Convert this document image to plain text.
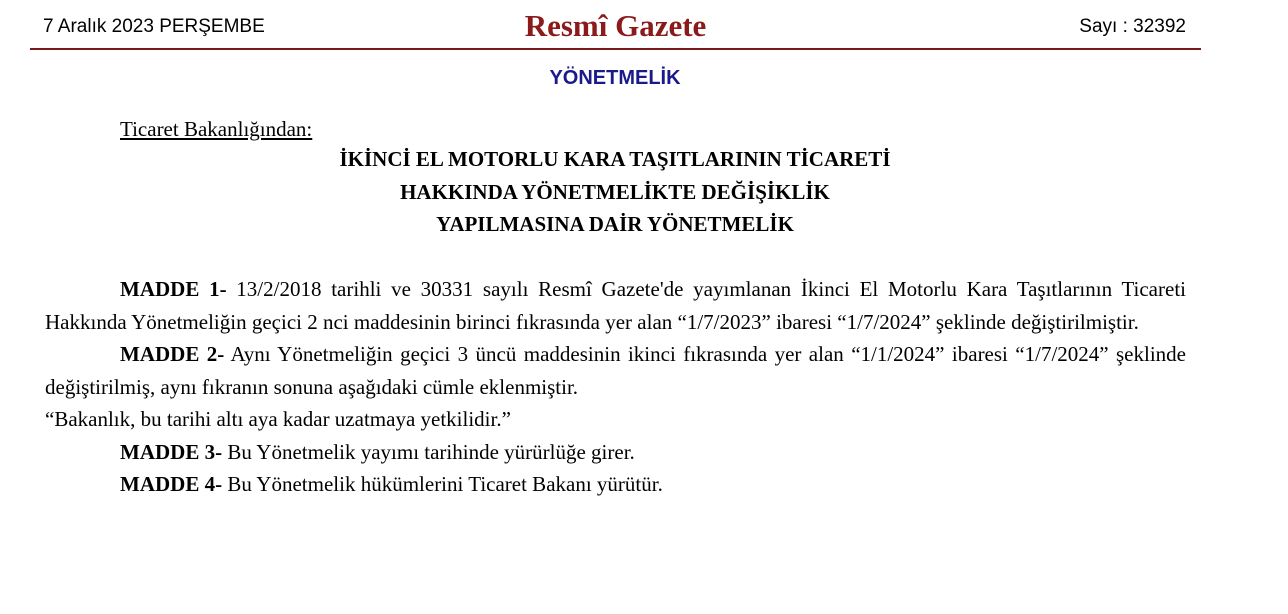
7 Aralık 2023 PERŞEMBE	Resmî Gazete	Sayı : 32392
YÖNETMELİK
Ticaret Bakanlığından:
İKİNCİ EL MOTORLU KARA TAŞITLARININ TİCARETİ
HAKKINDA YÖNETMELİKTE DEĞİŞİKLİK
YAPILMASINA DAİR YÖNETMELİK

MADDE 1- 13/2/2018 tarihli ve 30331 sayılı Resmî Gazete'de yayımlanan İkinci El Motorlu Kara Taşıtlarının Ticareti Hakkında Yönetmeliğin geçici 2 nci maddesinin birinci fıkrasında yer alan “1/7/2023” ibaresi “1/7/2024” şeklinde değiştirilmiştir.

MADDE 2- Aynı Yönetmeliğin geçici 3 üncü maddesinin ikinci fıkrasında yer alan “1/1/2024” ibaresi “1/7/2024” şeklinde değiştirilmiş, aynı fıkranın sonuna aşağıdaki cümle eklenmiştir.

“Bakanlık, bu tarihi altı aya kadar uzatmaya yetkilidir.”

MADDE 3- Bu Yönetmelik yayımı tarihinde yürürlüğe girer.

MADDE 4- Bu Yönetmelik hükümlerini Ticaret Bakanı yürütür.
